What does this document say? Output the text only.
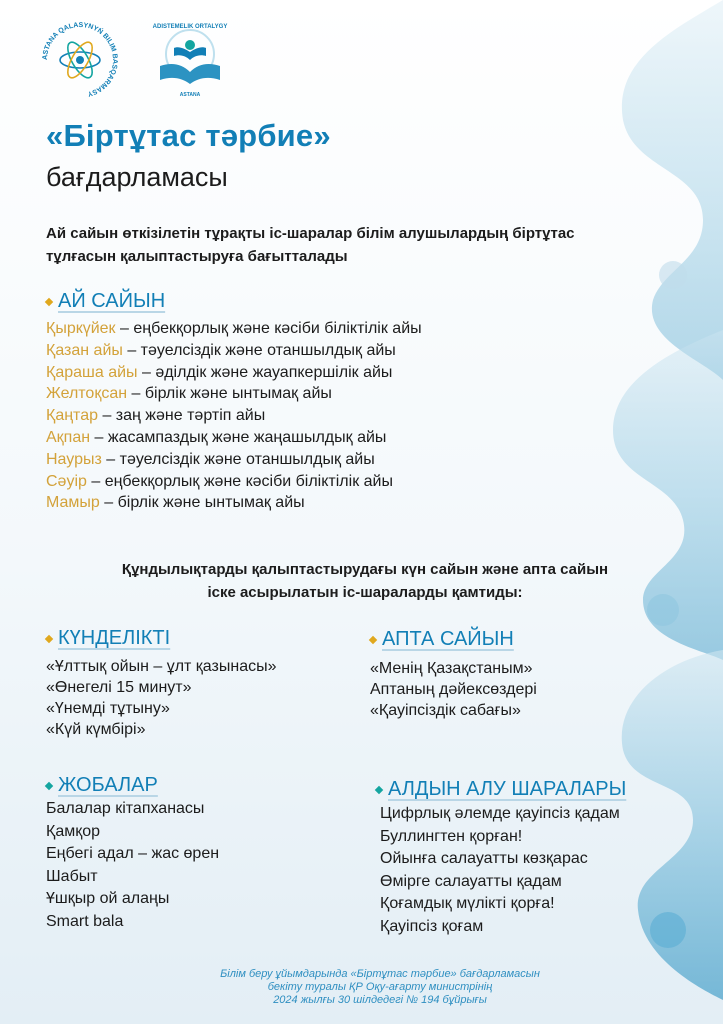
ASTANA QALASYNYŃ BILIM BASQARMASY
ADISTEMELIK ORTALYGY
ASTANA
«Біртұтас тәрбие»
бағдарламасы
Ай сайын өткізілетін тұрақты іс-шаралар білім алушылардың біртұтас тұлғасын қалыптастыруға бағытталады
АЙ САЙЫН
Қыркүйек – еңбекқорлық және кәсіби біліктілік айы
Қазан айы – тәуелсіздік және отаншылдық айы
Қараша айы – әділдік және жауапкершілік айы
Желтоқсан – бірлік және ынтымақ айы
Қаңтар – заң және тәртіп айы
Ақпан – жасампаздық және жаңашылдық айы
Наурыз – тәуелсіздік және отаншылдық айы
Сәуір – еңбекқорлық және кәсіби біліктілік айы
Мамыр – бірлік және ынтымақ айы
Құндылықтарды қалыптастырудағы күн сайын және апта сайын іске асырылатын іс-шараларды қамтиды:
КҮНДЕЛІКТІ
«Ұлттық ойын – ұлт қазынасы»
«Өнегелі 15 минут»
«Үнемді тұтыну»
«Күй күмбірі»
АПТА САЙЫН
«Менің Қазақстаным»
Аптаның дәйексөздері
«Қауіпсіздік сабағы»
ЖОБАЛАР
Балалар кітапханасы
Қамқор
Еңбегі адал – жас өрен
Шабыт
Ұшқыр ой алаңы
Smart bala
АЛДЫН АЛУ ШАРАЛАРЫ
Цифрлық әлемде қауіпсіз қадам
Буллингтен қорған!
Ойынға салауатты көзқарас
Өмірге салауатты қадам
Қоғамдық мүлікті қорға!
Қауіпсіз қоғам
Білім беру ұйымдарында «Біртұтас тәрбие» бағдарламасын
бекіту туралы ҚР Оқу-ағарту министрінің
2024 жылғы 30 шілдедегі № 194 бұйрығы
